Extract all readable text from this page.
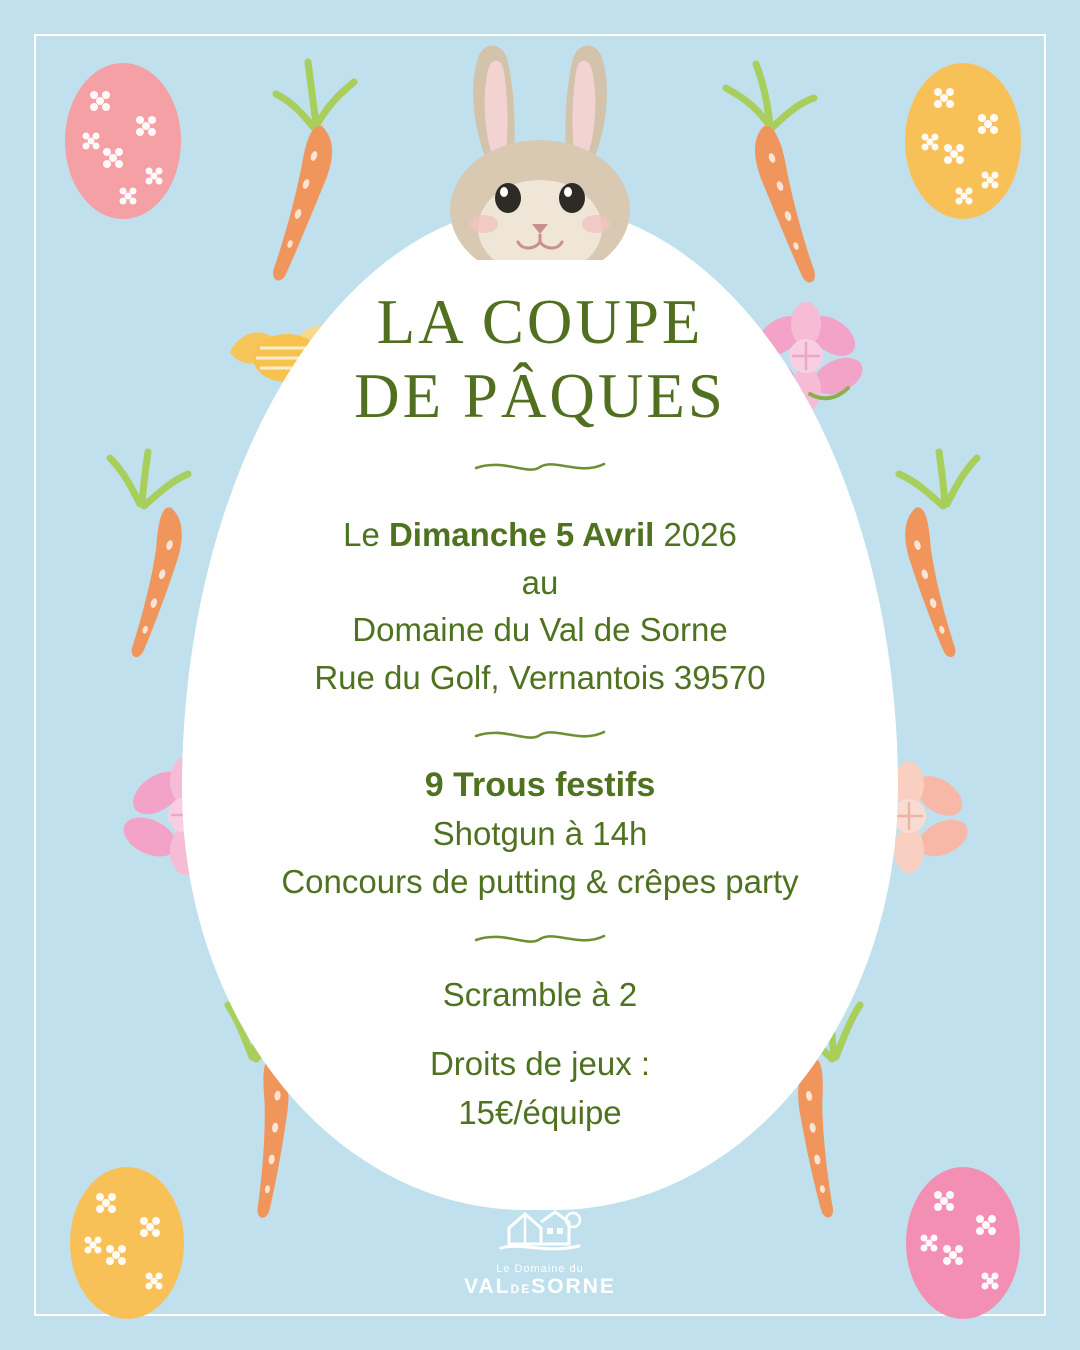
LA COUPE
DE PÂQUES
Le Dimanche 5 Avril 2026
au
Domaine du Val de Sorne
Rue du Golf, Vernantois 39570
9 Trous festifs
Shotgun à 14h
Concours de putting & crêpes party
Scramble à 2
Droits de jeux :
15€/équipe
Le Domaine du
VALDESORNE
